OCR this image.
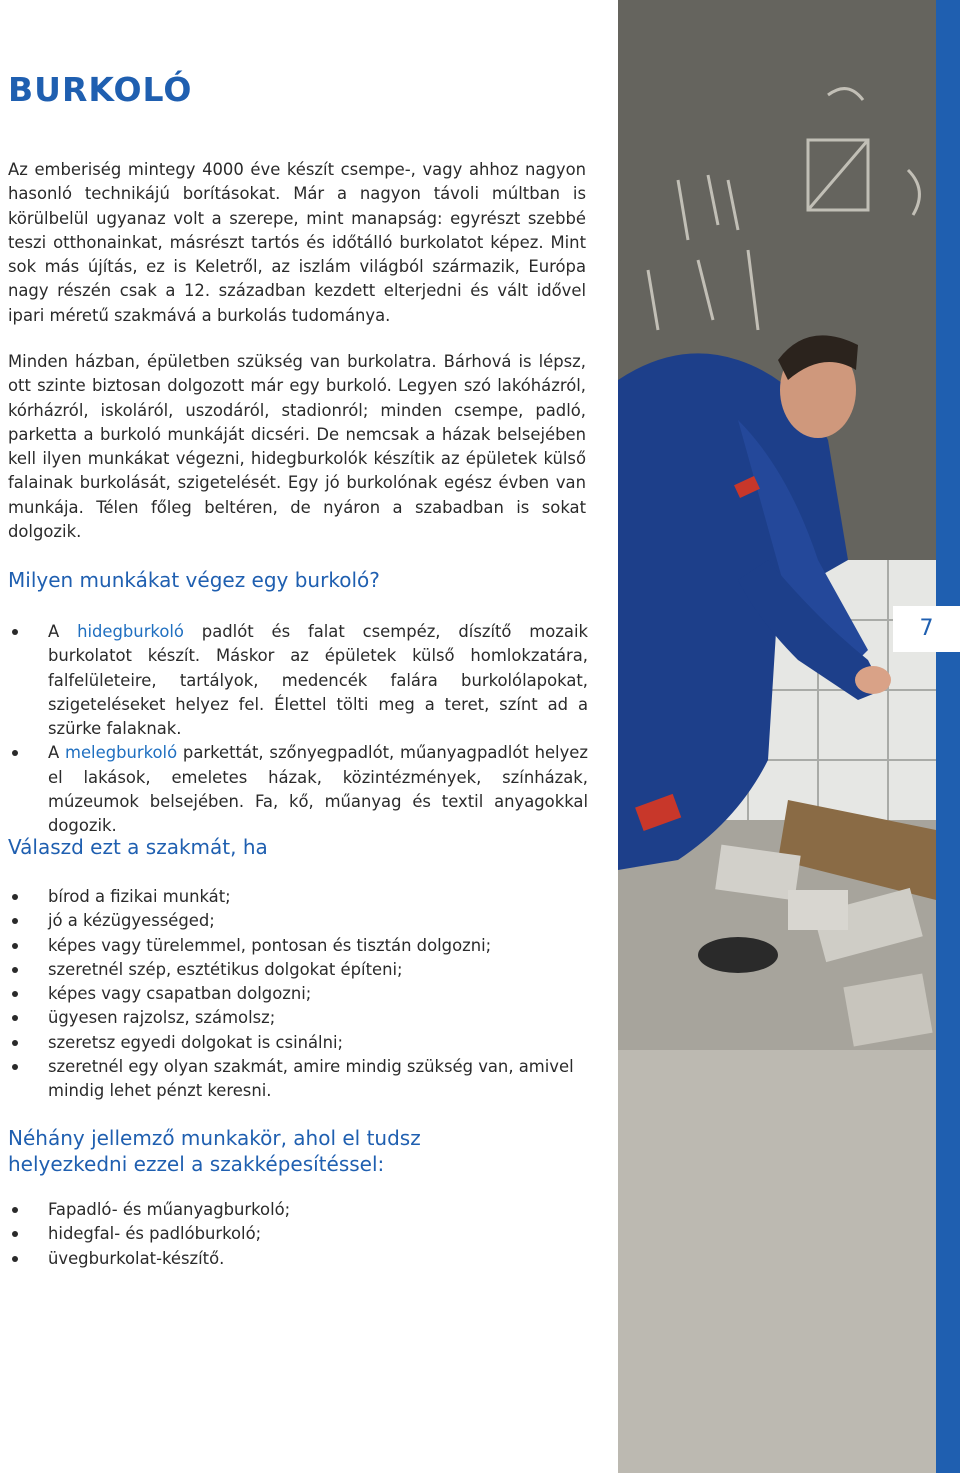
BURKOLÓ

Az emberiség mintegy 4000 éve készít csempe-, vagy ahhoz nagyon hasonló technikájú borításokat. Már a nagyon távoli múltban is körülbelül ugyanaz volt a szerepe, mint manapság: egyrészt szebbé teszi otthonainkat, másrészt tartós és időtálló burkolatot képez. Mint sok más újítás, ez is Keletről, az iszlám világból származik, Európa nagy részén csak a 12. században kezdett elterjedni és vált idővel ipari méretű szakmává a burkolás tudománya.

Minden házban, épületben szükség van burkolatra. Bárhová is lépsz, ott szinte biztosan dolgozott már egy burkoló. Legyen szó lakóházról, kórházról, iskoláról, uszodáról, stadionról; minden csempe, padló, parketta a burkoló munkáját dicséri. De nemcsak a házak belsejében kell ilyen munkákat végezni, hidegburkolók készítik az épületek külső falainak burkolását, szigetelését. Egy jó burkolónak egész évben van munkája. Télen főleg beltéren, de nyáron a szabadban is sokat dolgozik.

Milyen munkákat végez egy burkoló?
A hidegburkoló padlót és falat csempéz, díszítő mozaik burkolatot készít. Máskor az épületek külső homlokzatára, falfelületeire, tartályok, medencék falára burkolólapokat, szigeteléseket helyez fel. Élettel tölti meg a teret, színt ad a szürke falaknak.
A melegburkoló parkettát, szőnyegpadlót, műanyagpadlót helyez el lakások, emeletes házak, közintézmények, színházak, múzeumok belsejében. Fa, kő, műanyag és textil anyagokkal dogozik.
Válaszd ezt a szakmát, ha
bírod a fizikai munkát;
jó a kézügyességed;
képes vagy türelemmel, pontosan és tisztán dolgozni;
szeretnél szép, esztétikus dolgokat építeni;
képes vagy csapatban dolgozni;
ügyesen rajzolsz, számolsz;
szeretsz egyedi dolgokat is csinálni;
szeretnél egy olyan szakmát, amire mindig szükség van, amivel mindig lehet pénzt keresni.
Néhány jellemző munkakör, ahol el tudsz
helyezkedni ezzel a szakképesítéssel:
Fapadló- és műanyagburkoló;
hidegfal- és padlóburkoló;
üvegburkolat-készítő.
7
